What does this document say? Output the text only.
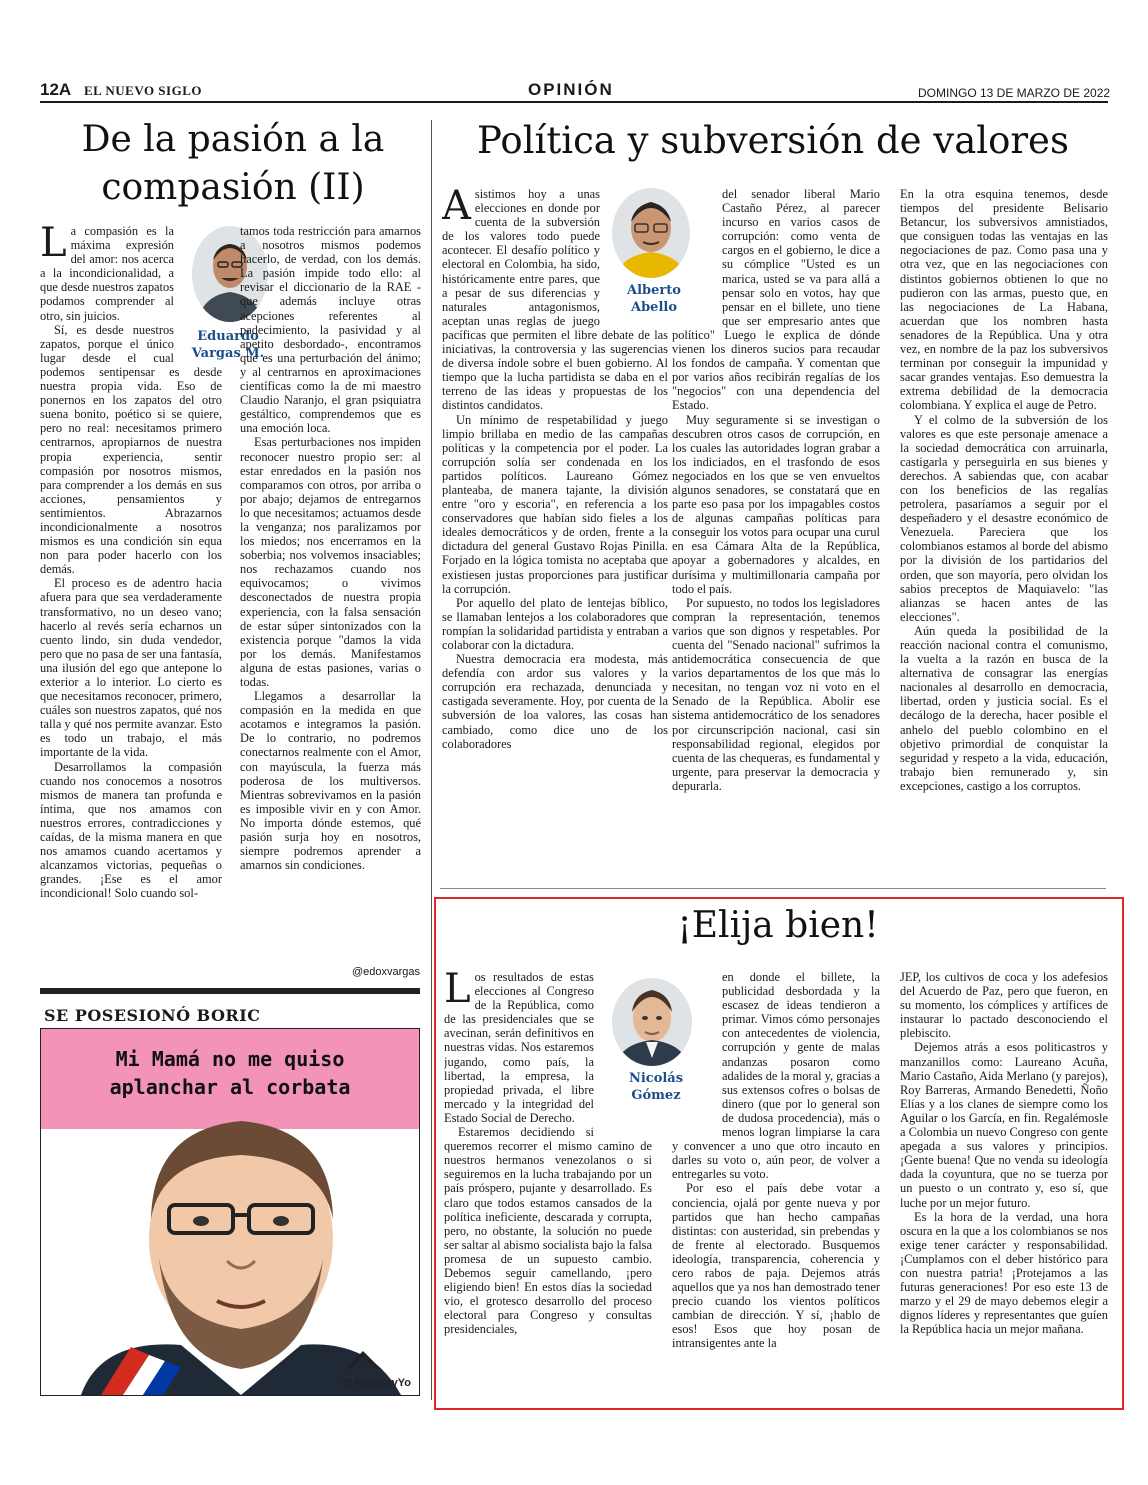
12A EL NUEVO SIGLO	OPINIÓN	DOMINGO 13 DE MARZO DE 2022
De la pasión a la
compasión (II)
Eduardo
Vargas M.
L a compasión es la máxima expresión del amor: nos acerca a la incondicionalidad, a que desde nuestros zapatos podamos comprender al otro, sin juicios.

Sí, es desde nuestros zapatos, porque el único lugar desde el cual podemos sentipensar es desde nuestra propia vida. Eso de ponernos en los zapatos del otro suena bonito, poético si se quiere, pero no real: necesitamos primero centrarnos, apropiarnos de nuestra propia experiencia, sentir compasión por nosotros mismos, para comprender a los demás en sus acciones, pensamientos y sentimientos. Abrazarnos incondicionalmente a nosotros mismos es una condición sin equa non para poder hacerlo con los demás.

El proceso es de adentro hacia afuera para que sea verdaderamente transformativo, no un deseo vano; hacerlo al revés sería echarnos un cuento lindo, sin duda vendedor, pero que no pasa de ser una fantasía, una ilusión del ego que antepone lo exterior a lo interior. Lo cierto es que necesitamos reconocer, primero, cuáles son nuestros zapatos, qué nos talla y qué nos permite avanzar. Esto es todo un trabajo, el más importante de la vida.

Desarrollamos la compasión cuando nos conocemos a nosotros mismos de manera tan profunda e íntima, que nos amamos con nuestros errores, contradicciones y caídas, de la misma manera en que nos amamos cuando acertamos y alcanzamos victorias, pequeñas o grandes. ¡Ese es el amor incondicional! Solo cuando sol-

tamos toda restricción para amarnos a nosotros mismos podemos hacerlo, de verdad, con los demás. La pasión impide todo ello: al revisar el diccionario de la RAE -que además incluye otras acepciones referentes al padecimiento, la pasividad y al apetito desbordado-, encontramos que es una perturbación del ánimo; y al centrarnos en aproximaciones científicas como la de mi maestro Claudio Naranjo, el gran psiquiatra gestáltico, comprendemos que es una emoción loca.

Esas perturbaciones nos impiden reconocer nuestro propio ser: al estar enredados en la pasión nos comparamos con otros, por arriba o por abajo; dejamos de entregarnos lo que necesitamos; actuamos desde la venganza; nos paralizamos por los miedos; nos encerramos en la soberbia; nos volvemos insaciables; nos rechazamos cuando nos equivocamos; o vivimos desconectados de nuestra propia experiencia, con la falsa sensación de estar súper sintonizados con la existencia porque "damos la vida por los demás. Manifestamos alguna de estas pasiones, varias o todas.

Llegamos a desarrollar la compasión en la medida en que acotamos e integramos la pasión. De lo contrario, no podremos conectarnos realmente con el Amor, con mayúscula, la fuerza más poderosa de los multiversos. Mientras sobrevivamos en la pasión es imposible vivir en y con Amor. No importa dónde estemos, qué pasión surja hoy en nosotros, siempre podremos aprender a amarnos sin condiciones.

@edoxvargas
SE POSESIONÓ BORIC
Mi Mamá no me quiso
aplanchar al corbata
@AlfinSoyYo
Política y subversión de valores
Alberto
Abello
A sistimos hoy a unas elecciones en donde por cuenta de la subversión de los valores todo puede acontecer. El desafío político y electoral en Colombia, ha sido, históricamente entre pares, que a pesar de sus diferencias y naturales antagonismos, aceptan unas reglas de juego pacíficas que permiten el libre debate de las iniciativas, la controversia y las sugerencias de diversa índole sobre el buen gobierno. Al tiempo que la lucha partidista se daba en el terreno de las ideas y propuestas de los distintos candidatos.

Un mínimo de respetabilidad y juego limpio brillaba en medio de las campañas políticas y la competencia por el poder. La corrupción solía ser condenada en los partidos políticos. Laureano Gómez planteaba, de manera tajante, la división entre "oro y escoria", en referencia a los conservadores que habían sido fieles a los ideales democráticos y de orden, frente a la dictadura del general Gustavo Rojas Pinilla. Forjado en la lógica tomista no aceptaba que existiesen justas proporciones para justificar la corrupción.

Por aquello del plato de lentejas bíblico, se llamaban lentejos a los colaboradores que rompían la solidaridad partidista y entraban a colaborar con la dictadura.

Nuestra democracia era modesta, más defendía con ardor sus valores y la corrupción era rechazada, denunciada y castigada severamente. Hoy, por cuenta de la subversión de loa valores, las cosas han cambiado, como dice uno de los colaboradores

del senador liberal Mario Castaño Pérez, al parecer incurso en varios casos de corrupción: como venta de cargos en el gobierno, le dice a su cómplice "Usted es un marica, usted se va para allá a pensar solo en votos, hay que pensar en el billete, uno tiene que ser empresario antes que político" Luego le explica de dónde vienen los dineros sucios para recaudar los fondos de campaña. Y comentan que por varios años recibirán regalías de los "negocios" con una dependencia del Estado.

Muy seguramente si se investigan o descubren otros casos de corrupción, en los cuales las autoridades logran grabar a los indiciados, en el trasfondo de esos negociados en los que se ven envueltos algunos senadores, se constatará que en parte eso pasa por los impagables costos de algunas campañas políticas para conseguir los votos para ocupar una curul en esa Cámara Alta de la República, apoyar a gobernadores y alcaldes, en durísima y multimillonaria campaña por todo el país.

Por supuesto, no todos los legisladores compran la representación, tenemos varios que son dignos y respetables. Por cuenta del "Senado nacional" sufrimos la antidemocrática consecuencia de que varios departamentos de los que más lo necesitan, no tengan voz ni voto en el Senado de la República. Abolir ese sistema antidemocrático de los senadores por circunscripción nacional, casi sin responsabilidad regional, elegidos por cuenta de las chequeras, es fundamental y urgente, para preservar la democracia y depurarla.

En la otra esquina tenemos, desde tiempos del presidente Belisario Betancur, los subversivos amnistiados, que consiguen todas las ventajas en las negociaciones de paz. Como pasa una y otra vez, que en las negociaciones con distintos gobiernos obtienen lo que no pudieron con las armas, puesto que, en las negociaciones de La Habana, acuerdan que los nombren hasta senadores de la República. Una y otra vez, en nombre de la paz los subversivos terminan por conseguir la impunidad y sacar grandes ventajas. Eso demuestra la extrema debilidad de la democracia colombiana. Y explica el auge de Petro.

Y el colmo de la subversión de los valores es que este personaje amenace a la sociedad democrática con arruinarla, castigarla y perseguirla en sus bienes y derechos. A sabiendas que, con acabar con los beneficios de las regalías petrolera, pasaríamos a seguir por el despeñadero y el desastre económico de Venezuela. Pareciera que los colombianos estamos al borde del abismo por la división de los partidarios del orden, que son mayoría, pero olvidan los sabios preceptos de Maquiavelo: "las alianzas se hacen antes de las elecciones".

Aún queda la posibilidad de la reacción nacional contra el comunismo, la vuelta a la razón en busca de la alternativa de consagrar las energías nacionales al desarrollo en democracia, libertad, orden y justicia social. Es el decálogo de la derecha, hacer posible el anhelo del pueblo colombino en el objetivo primordial de conquistar la seguridad y respeto a la vida, educación, trabajo bien remunerado y, sin excepciones, castigo a los corruptos.

¡Elija bien!
Nicolás
Gómez
L os resultados de estas elecciones al Congreso de la República, como de las presidenciales que se avecinan, serán definitivos en nuestras vidas. Nos estaremos jugando, como país, la libertad, la empresa, la propiedad privada, el libre mercado y la integridad del Estado Social de Derecho.

Estaremos decidiendo si queremos recorrer el mismo camino de nuestros hermanos venezolanos o si seguiremos en la lucha trabajando por un país próspero, pujante y desarrollado. Es claro que todos estamos cansados de la política ineficiente, descarada y corrupta, pero, no obstante, la solución no puede ser saltar al abismo socialista bajo la falsa promesa de un supuesto cambio. Debemos seguir camellando, ¡pero eligiendo bien! En estos días la sociedad vio, el grotesco desarrollo del proceso electoral para Congreso y consultas presidenciales,

en donde el billete, la publicidad desbordada y la escasez de ideas tendieron a primar. Vimos cómo personajes con antecedentes de violencia, corrupción y gente de malas andanzas posaron como adalides de la moral y, gracias a sus extensos cofres o bolsas de dinero (que por lo general son de dudosa procedencia), más o menos logran limpiarse la cara y convencer a uno que otro incauto en darles su voto o, aún peor, de volver a entregarles su voto.

Por eso el país debe votar a conciencia, ojalá por gente nueva y por partidos que han hecho campañas distintas: con austeridad, sin prebendas y de frente al electorado. Busquemos ideología, transparencia, coherencia y cero rabos de paja. Dejemos atrás aquellos que ya nos han demostrado tener precio cuando los vientos políticos cambian de dirección. Y sí, ¡hablo de esos! Esos que hoy posan de intransigentes ante la

JEP, los cultivos de coca y los adefesios del Acuerdo de Paz, pero que fueron, en su momento, los cómplices y artífices de instaurar lo pactado desconociendo el plebiscito.

Dejemos atrás a esos politicastros y manzanillos como: Laureano Acuña, Mario Castaño, Aida Merlano (y parejos), Roy Barreras, Armando Benedetti, Ñoño Elías y a los clanes de siempre como los Aguilar o los García, en fin. Regalémosle a Colombia un nuevo Congreso con gente apegada a sus valores y principios. ¡Gente buena! Que no venda su ideología dada la coyuntura, que no se tuerza por un puesto o un contrato y, eso sí, que luche por un mejor futuro.

Es la hora de la verdad, una hora oscura en la que a los colombianos se nos exige tener carácter y responsabilidad. ¡Cumplamos con el deber histórico para con nuestra patria! ¡Protejamos a las futuras generaciones! Por eso este 13 de marzo y el 29 de mayo debemos elegir a dignos líderes y representantes que guíen la República hacia un mejor mañana.
